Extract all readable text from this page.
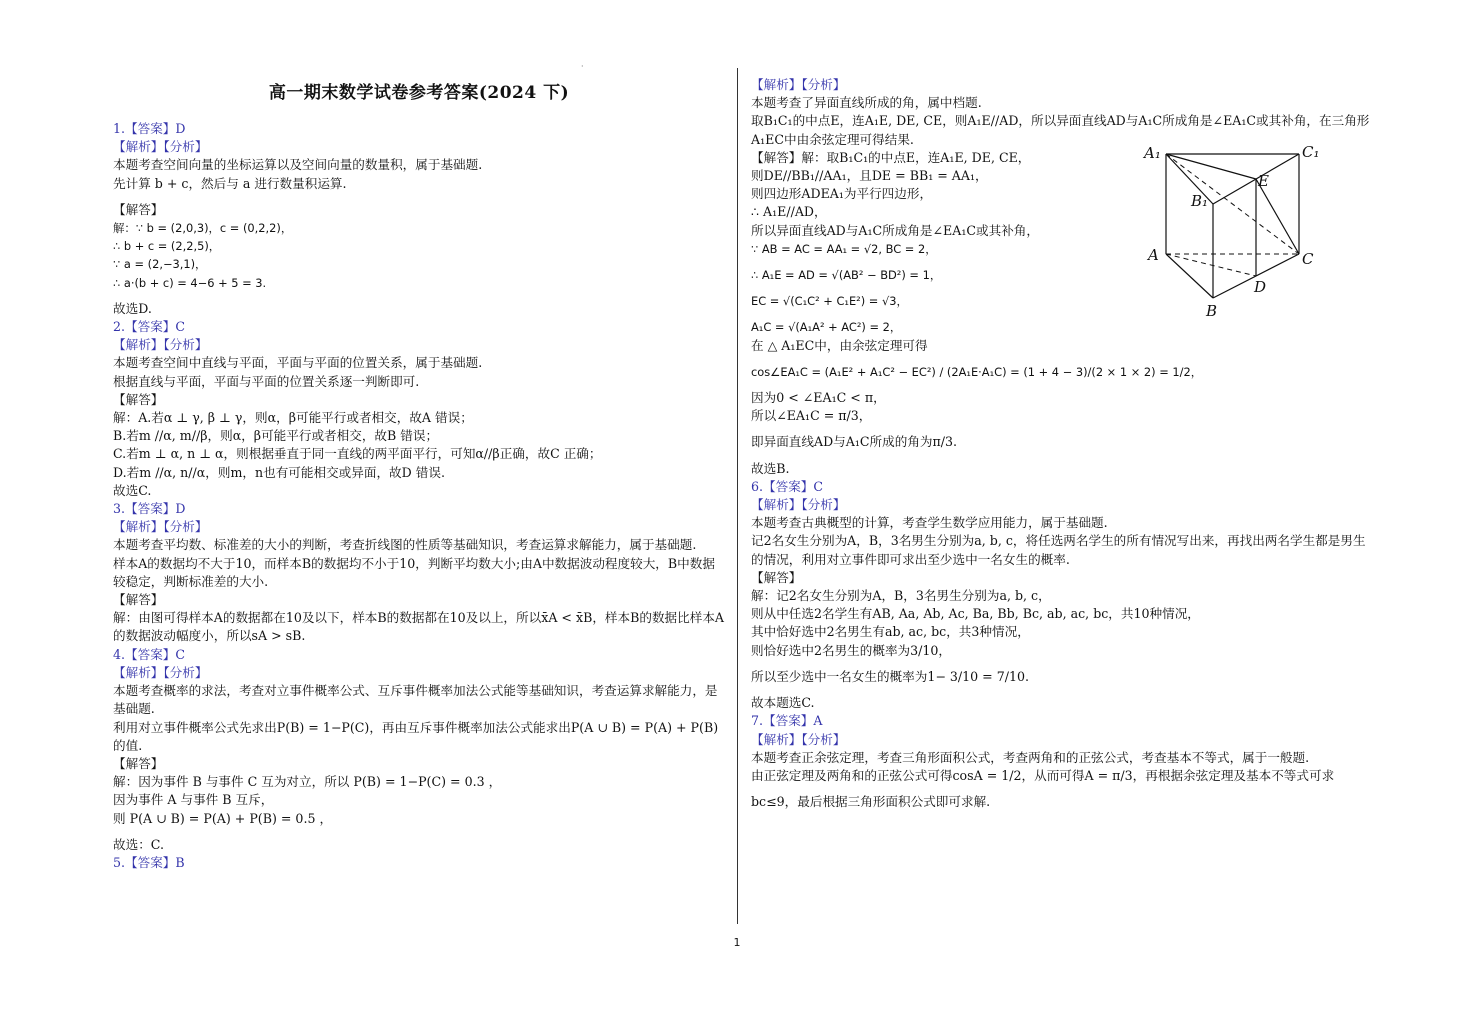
·
高一期末数学试卷参考答案(2024 下)
1.【答案】D
【解析】【分析】
本题考查空间向量的坐标运算以及空间向量的数量积，属于基础题.
先计算 b + c，然后与 a 进行数量积运算.
【解答】
解：∵ b = (2,0,3)，c = (0,2,2)，
∴ b + c = (2,2,5)，
∵ a = (2,−3,1)，
∴ a·(b + c) = 4−6 + 5 = 3.
故选D.
2.【答案】C
【解析】【分析】
本题考查空间中直线与平面，平面与平面的位置关系，属于基础题.
根据直线与平面，平面与平面的位置关系逐一判断即可.
【解答】
解：A.若α ⊥ γ, β ⊥ γ，则α，β可能平行或者相交，故A 错误；
B.若m //α, m//β，则α，β可能平行或者相交，故B 错误；
C.若m ⊥ α, n ⊥ α，则根据垂直于同一直线的两平面平行，可知α//β正确，故C 正确；
D.若m //α, n//α，则m，n也有可能相交或异面，故D 错误.
故选C.
3.【答案】D
【解析】【分析】
本题考查平均数、标准差的大小的判断，考查折线图的性质等基础知识，考查运算求解能力，属于基础题.
样本A的数据均不大于10，而样本B的数据均不小于10，判断平均数大小;由A中数据波动程度较大，B中数据较稳定，判断标准差的大小.
【解答】
解：由图可得样本A的数据都在10及以下，样本B的数据都在10及以上，所以x̄A < x̄B，样本B的数据比样本A的数据波动幅度小，所以sA > sB.
4.【答案】C
【解析】【分析】
本题考查概率的求法，考查对立事件概率公式、互斥事件概率加法公式能等基础知识，考查运算求解能力，是基础题.
利用对立事件概率公式先求出P(B) = 1−P(C)，再由互斥事件概率加法公式能求出P(A ∪ B) = P(A) + P(B)的值.
【解答】
解：因为事件 B 与事件 C 互为对立，所以 P(B) = 1−P(C) = 0.3 ，
因为事件 A 与事件 B 互斥，
则 P(A ∪ B) = P(A) + P(B) = 0.5 ，
故选：C.
5.【答案】B
【解析】【分析】
本题考查了异面直线所成的角，属中档题.
取B₁C₁的中点E，连A₁E, DE, CE，则A₁E//AD，所以异面直线AD与A₁C所成角是∠EA₁C或其补角，在三角形
A₁EC中由余弦定理可得结果.
【解答】解：取B₁C₁的中点E，连A₁E, DE, CE，
则DE//BB₁//AA₁，且DE = BB₁ = AA₁，
则四边形ADEA₁为平行四边形，
∴ A₁E//AD，
所以异面直线AD与A₁C所成角是∠EA₁C或其补角，
∵ AB = AC = AA₁ = √2, BC = 2，
∴ A₁E = AD = √(AB² − BD²) = 1，
EC = √(C₁C² + C₁E²) = √3，
A₁C = √(A₁A² + AC²) = 2，
在 △ A₁EC中，由余弦定理可得
cos∠EA₁C = (A₁E² + A₁C² − EC²) / (2A₁E·A₁C) = (1 + 4 − 3)/(2 × 1 × 2) = 1/2，
因为0 < ∠EA₁C < π，
所以∠EA₁C = π/3，
即异面直线AD与A₁C所成的角为π/3.
故选B.
6.【答案】C
【解析】【分析】
本题考查古典概型的计算，考查学生数学应用能力，属于基础题.
记2名女生分别为A，B，3名男生分别为a, b, c，将任选两名学生的所有情况写出来，再找出两名学生都是男生的情况，利用对立事件即可求出至少选中一名女生的概率.
【解答】
解：记2名女生分别为A，B，3名男生分别为a, b, c，
则从中任选2名学生有AB, Aa, Ab, Ac, Ba, Bb, Bc, ab, ac, bc，共10种情况，
其中恰好选中2名男生有ab, ac, bc，共3种情况，
则恰好选中2名男生的概率为3/10，
所以至少选中一名女生的概率为1− 3/10 = 7/10.
故本题选C.
7.【答案】A
【解析】【分析】
本题考查正余弦定理，考查三角形面积公式，考查两角和的正弦公式，考查基本不等式，属于一般题.
由正弦定理及两角和的正弦公式可得cosA = 1/2，从而可得A = π/3，再根据余弦定理及基本不等式可求
bc≤9，最后根据三角形面积公式即可求解.
A₁	C₁
E
B₁
A	C
D
B
1
